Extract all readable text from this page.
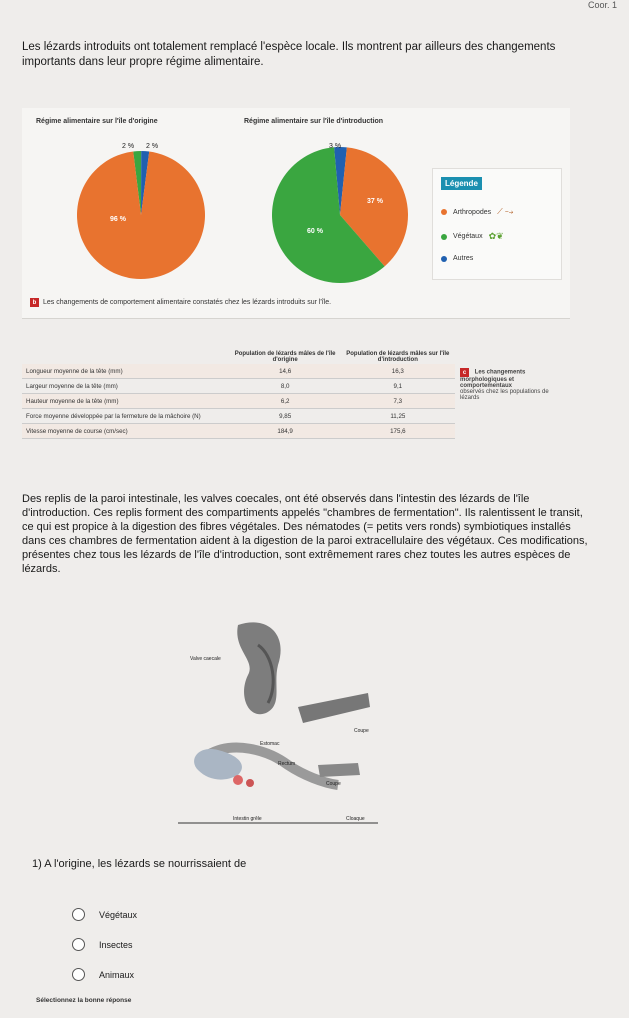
Coor. 1
Les lézards introduits ont totalement remplacé l'espèce locale. Ils montrent par ailleurs des changements importants dans leur propre régime alimentaire.
Régime alimentaire sur l'île d'origine	Régime alimentaire sur l'île d'introduction
2 % 2 %
96 %
3 %
37 %
60 %
Légende
Arthropodes ⟋ ⤍
Végétaux ✿❦
Autres
b Les changements de comportement alimentaire constatés chez les lézards introduits sur l'île.
	Population de lézards mâles de l'île d'origine	Population de lézards mâles sur l'île d'introduction
Longueur moyenne de la tête (mm)	14,6	16,3
Largeur moyenne de la tête (mm)	8,0	9,1
Hauteur moyenne de la tête (mm)	6,2	7,3
Force moyenne développée par la fermeture de la mâchoire (N)	9,85	11,25
Vitesse moyenne de course (cm/sec)	184,9	175,6
c Les changements morphologiques et comportementaux
observés chez les populations de lézards
Des replis de la paroi intestinale, les valves coecales, ont été observés dans l'intestin des lézards de l'île d'introduction. Ces replis forment des compartiments appelés "chambres de fermentation". Ils ralentissent le transit, ce qui est propice à la digestion des fibres végétales. Des nématodes (= petits vers ronds) symbiotiques installés dans ces chambres de fermentation aident à la digestion de la paroi extracellulaire des végétaux. Ces modifications, présentes chez tous les lézards de l'île d'introduction, sont extrêmement rares chez toutes les autres espèces de lézards.
Valve caecale
Coupe
Estomac
Rectum
Coupe
Intestin grêle	Cloaque
1) A l'origine, les lézards se nourrissaient de
Végétaux
Insectes
Animaux
Sélectionnez la bonne réponse
